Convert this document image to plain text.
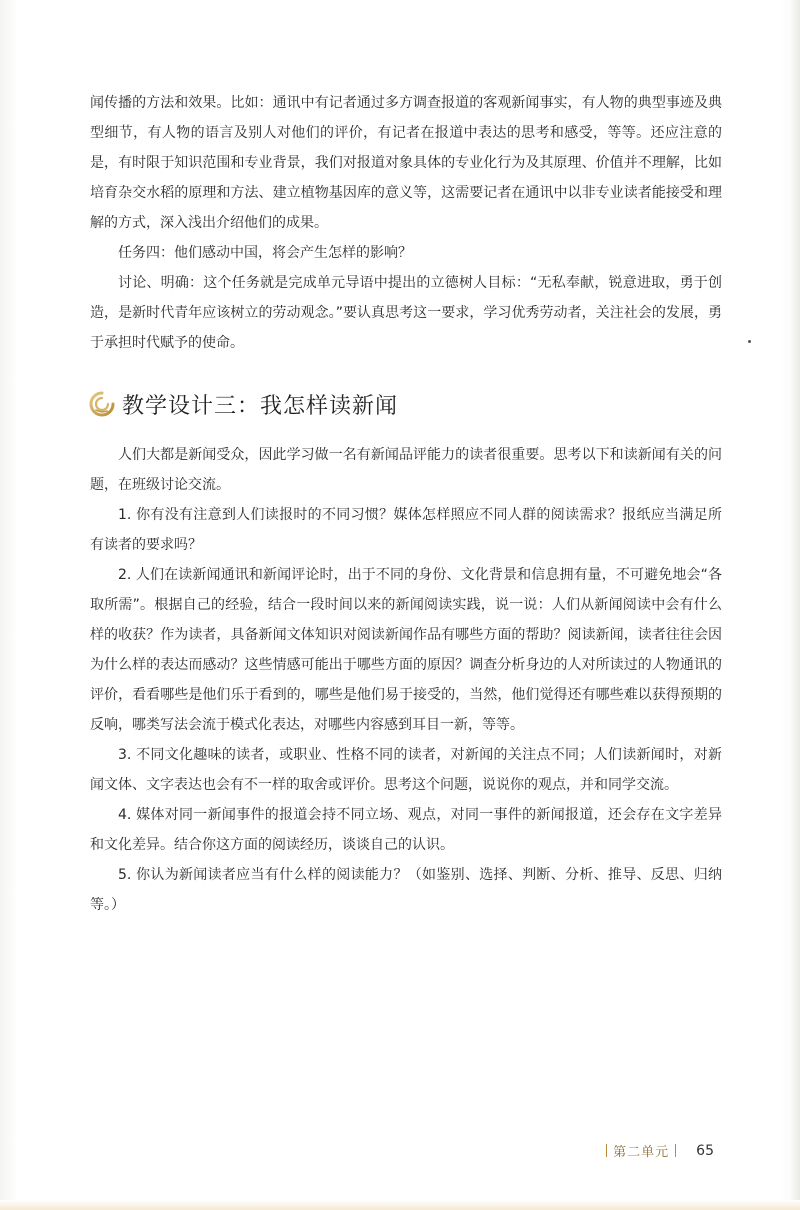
闻传播的方法和效果。比如：通讯中有记者通过多方调查报道的客观新闻事实，有人物的典型事迹及典型细节，有人物的语言及别人对他们的评价，有记者在报道中表达的思考和感受，等等。还应注意的是，有时限于知识范围和专业背景，我们对报道对象具体的专业化行为及其原理、价值并不理解，比如培育杂交水稻的原理和方法、建立植物基因库的意义等，这需要记者在通讯中以非专业读者能接受和理解的方式，深入浅出介绍他们的成果。

任务四：他们感动中国，将会产生怎样的影响？

讨论、明确：这个任务就是完成单元导语中提出的立德树人目标：“无私奉献，锐意进取，勇于创造，是新时代青年应该树立的劳动观念。”要认真思考这一要求，学习优秀劳动者，关注社会的发展，勇于承担时代赋予的使命。

教学设计三：我怎样读新闻

人们大都是新闻受众，因此学习做一名有新闻品评能力的读者很重要。思考以下和读新闻有关的问题，在班级讨论交流。

1. 你有没有注意到人们读报时的不同习惯？媒体怎样照应不同人群的阅读需求？报纸应当满足所有读者的要求吗？

2. 人们在读新闻通讯和新闻评论时，出于不同的身份、文化背景和信息拥有量，不可避免地会“各取所需”。根据自己的经验，结合一段时间以来的新闻阅读实践，说一说：人们从新闻阅读中会有什么样的收获？作为读者，具备新闻文体知识对阅读新闻作品有哪些方面的帮助？阅读新闻，读者往往会因为什么样的表达而感动？这些情感可能出于哪些方面的原因？调查分析身边的人对所读过的人物通讯的评价，看看哪些是他们乐于看到的，哪些是他们易于接受的，当然，他们觉得还有哪些难以获得预期的反响，哪类写法会流于模式化表达，对哪些内容感到耳目一新，等等。

3. 不同文化趣味的读者，或职业、性格不同的读者，对新闻的关注点不同；人们读新闻时，对新闻文体、文字表达也会有不一样的取舍或评价。思考这个问题，说说你的观点，并和同学交流。

4. 媒体对同一新闻事件的报道会持不同立场、观点，对同一事件的新闻报道，还会存在文字差异和文化差异。结合你这方面的阅读经历，谈谈自己的认识。

5. 你认为新闻读者应当有什么样的阅读能力？（如鉴别、选择、判断、分析、推导、反思、归纳等。）

第二单元 65
